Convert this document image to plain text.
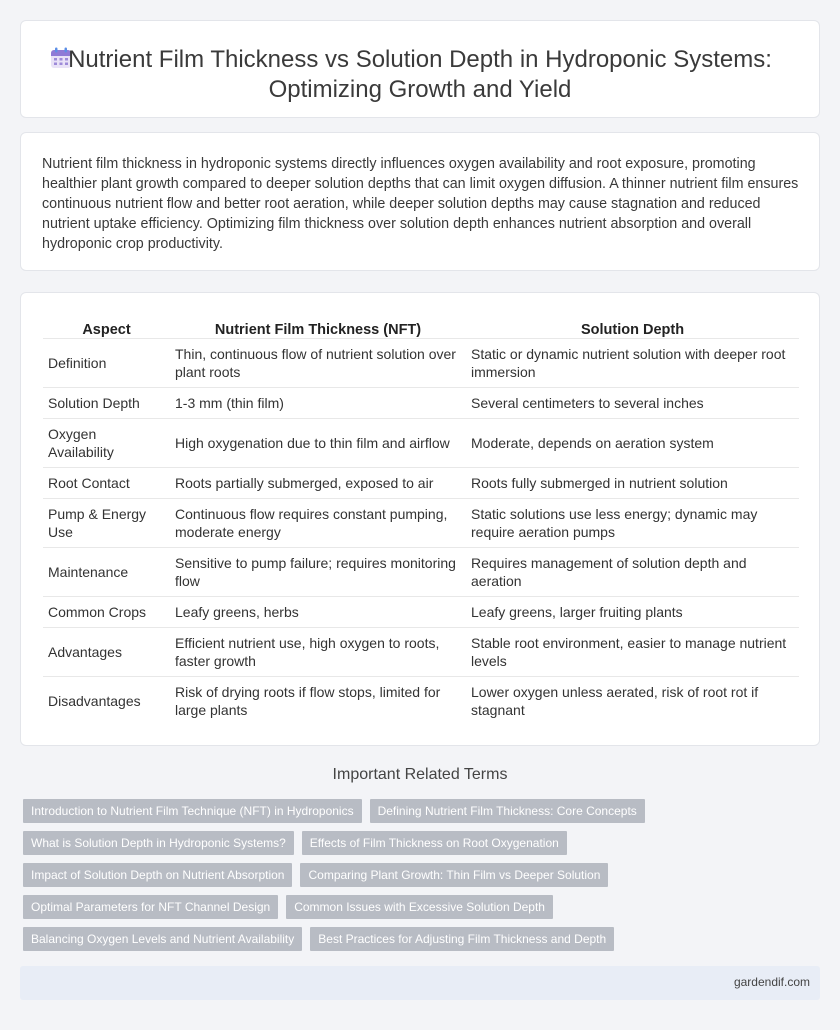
Nutrient Film Thickness vs Solution Depth in Hydroponic Systems:
Optimizing Growth and Yield

Nutrient film thickness in hydroponic systems directly influences oxygen availability and root exposure, promoting healthier plant growth compared to deeper solution depths that can limit oxygen diffusion. A thinner nutrient film ensures continuous nutrient flow and better root aeration, while deeper solution depths may cause stagnation and reduced nutrient uptake efficiency. Optimizing film thickness over solution depth enhances nutrient absorption and overall hydroponic crop productivity.

Aspect	Nutrient Film Thickness (NFT)	Solution Depth
Definition	Thin, continuous flow of nutrient solution over plant roots	Static or dynamic nutrient solution with deeper root immersion
Solution Depth	1-3 mm (thin film)	Several centimeters to several inches
Oxygen Availability	High oxygenation due to thin film and airflow	Moderate, depends on aeration system
Root Contact	Roots partially submerged, exposed to air	Roots fully submerged in nutrient solution
Pump & Energy Use	Continuous flow requires constant pumping, moderate energy	Static solutions use less energy; dynamic may require aeration pumps
Maintenance	Sensitive to pump failure; requires monitoring flow	Requires management of solution depth and aeration
Common Crops	Leafy greens, herbs	Leafy greens, larger fruiting plants
Advantages	Efficient nutrient use, high oxygen to roots, faster growth	Stable root environment, easier to manage nutrient levels
Disadvantages	Risk of drying roots if flow stops, limited for large plants	Lower oxygen unless aerated, risk of root rot if stagnant
Important Related Terms
Introduction to Nutrient Film Technique (NFT) in Hydroponics	Defining Nutrient Film Thickness: Core Concepts
What is Solution Depth in Hydroponic Systems?	Effects of Film Thickness on Root Oxygenation
Impact of Solution Depth on Nutrient Absorption	Comparing Plant Growth: Thin Film vs Deeper Solution
Optimal Parameters for NFT Channel Design	Common Issues with Excessive Solution Depth
Balancing Oxygen Levels and Nutrient Availability	Best Practices for Adjusting Film Thickness and Depth
gardendif.com
